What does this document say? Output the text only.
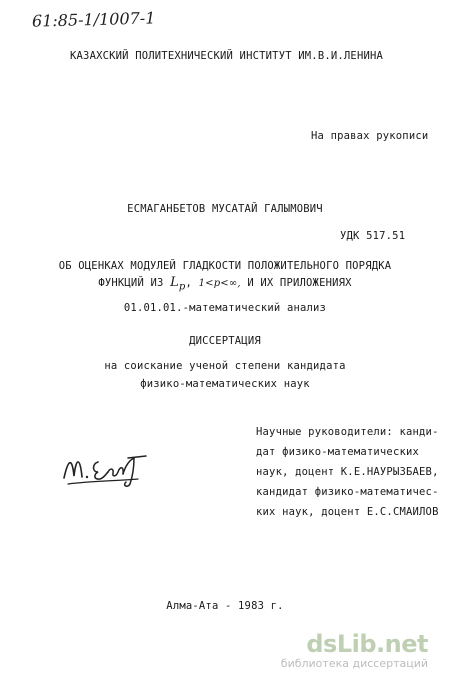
61:85-1/1007-1
КАЗАХСКИЙ ПОЛИТЕХНИЧЕСКИЙ ИНСТИТУТ ИМ.В.И.ЛЕНИНА
На правах рукописи
ЕСМАГАНБЕТОВ МУСАТАЙ ГАЛЫМОВИЧ
УДК 517.51
ОБ ОЦЕНКАХ МОДУЛЕЙ ГЛАДКОСТИ ПОЛОЖИТЕЛЬНОГО ПОРЯДКА
ФУНКЦИЙ ИЗ $L_p$, 1<p<∞, И ИХ ПРИЛОЖЕНИЯХ
01.01.01.-математический анализ
ДИССЕРТАЦИЯ
на соискание ученой степени кандидата
физико-математических наук
Научные руководители: канди-
дат физико-математических
наук, доцент К.Е.НАУРЫЗБАЕВ,
кандидат физико-математичес-
ких наук, доцент Е.С.СМАИЛОВ
Алма-Ата - 1983 г.
dsLib.net
библиотека диссертаций
